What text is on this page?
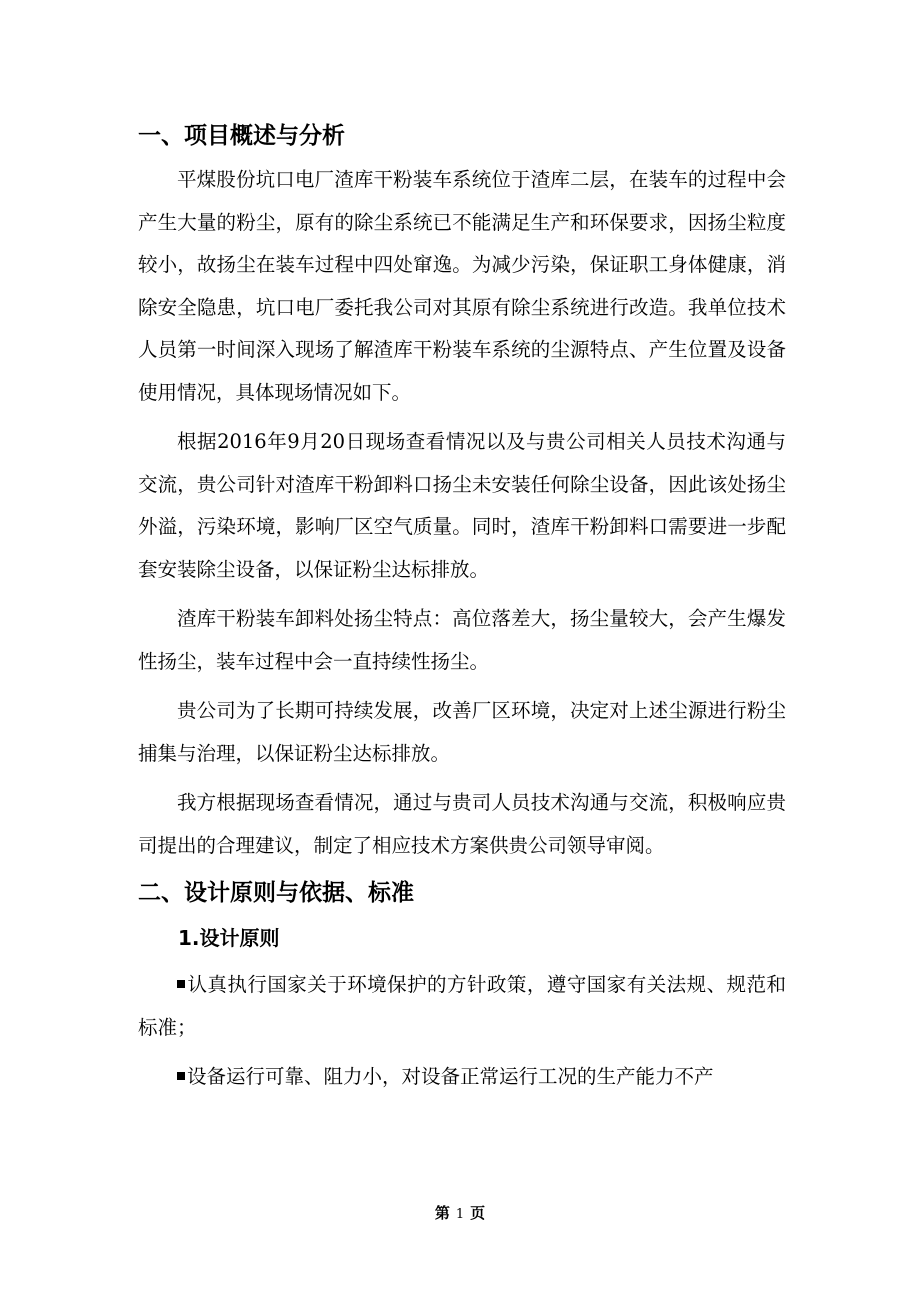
一、项目概述与分析

平煤股份坑口电厂渣库干粉装车系统位于渣库二层，在装车的过程中会产生大量的粉尘，原有的除尘系统已不能满足生产和环保要求，因扬尘粒度较小，故扬尘在装车过程中四处窜逸。为减少污染，保证职工身体健康，消除安全隐患，坑口电厂委托我公司对其原有除尘系统进行改造。我单位技术人员第一时间深入现场了解渣库干粉装车系统的尘源特点、产生位置及设备使用情况，具体现场情况如下。

根据2016年9月20日现场查看情况以及与贵公司相关人员技术沟通与交流，贵公司针对渣库干粉卸料口扬尘未安装任何除尘设备，因此该处扬尘外溢，污染环境，影响厂区空气质量。同时，渣库干粉卸料口需要进一步配套安装除尘设备，以保证粉尘达标排放。

渣库干粉装车卸料处扬尘特点：高位落差大，扬尘量较大，会产生爆发性扬尘，装车过程中会一直持续性扬尘。

贵公司为了长期可持续发展，改善厂区环境，决定对上述尘源进行粉尘捕集与治理，以保证粉尘达标排放。

我方根据现场查看情况，通过与贵司人员技术沟通与交流，积极响应贵司提出的合理建议，制定了相应技术方案供贵公司领导审阅。

二、设计原则与依据、标准
1.设计原则

认真执行国家关于环境保护的方针政策，遵守国家有关法规、规范和标准；

设备运行可靠、阻力小，对设备正常运行工况的生产能力不产

第 1 页
